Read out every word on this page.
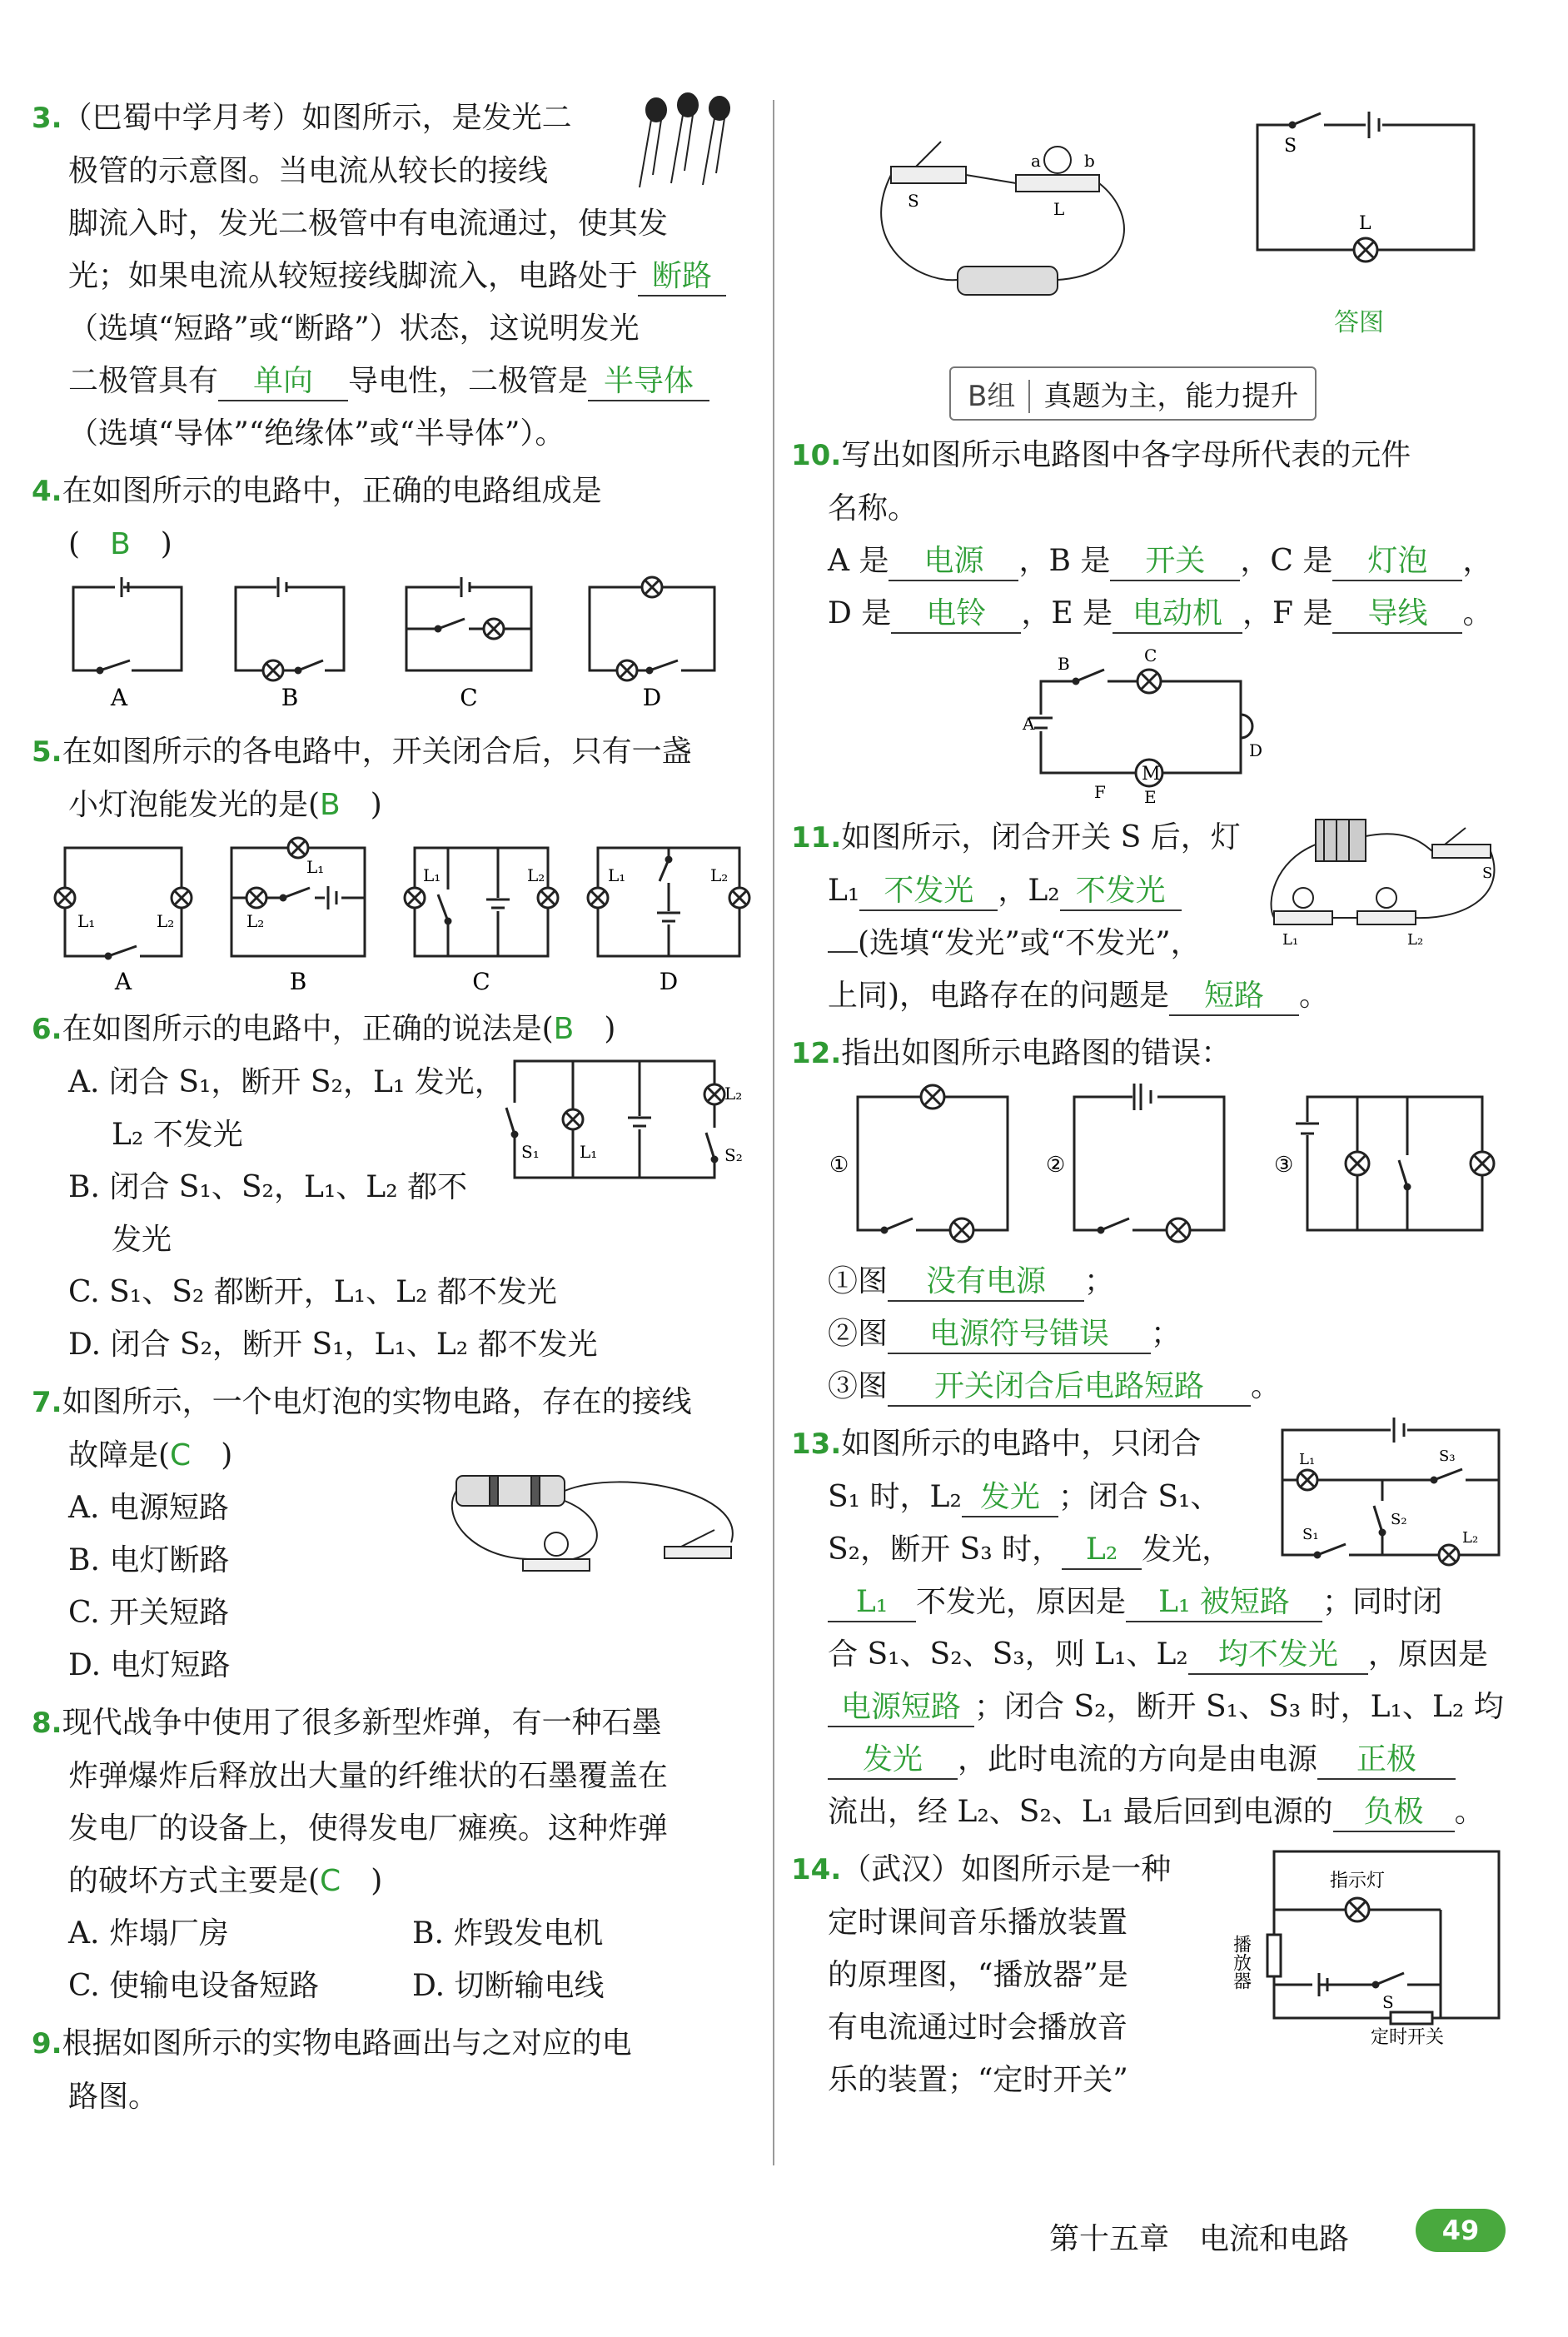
3.（巴蜀中学月考）如图所示，是发光二
极管的示意图。当电流从较长的接线
脚流入时，发光二极管中有电流通过，使其发
光；如果电流从较短接线脚流入，电路处于 断路
（选填“短路”或“断路”）状态，这说明发光
二极管具有 单向 导电性，二极管是 半导体
（选填“导体”“绝缘体”或“半导体”）。
4.在如图所示的电路中，正确的电路组成是
(　 B　 )
A	B	C	D
5.在如图所示的各电路中，开关闭合后，只有一盏
小灯泡能发光的是(B　 )
L₁	L₂
L₁
L₂
L₁	L₂	L₁	L₂
A	B	C	D
S₁ L₁
L₂
S₂
6.在如图所示的电路中，正确的说法是(B　 )
A. 闭合 S₁，断开 S₂，L₁ 发光，
L₂ 不发光
B. 闭合 S₁、S₂，L₁、L₂ 都不
发光
C. S₁、S₂ 都断开，L₁、L₂ 都不发光
D. 闭合 S₂，断开 S₁，L₁、L₂ 都不发光
7.如图所示，一个电灯泡的实物电路，存在的接线
故障是(C　 )
A. 电源短路
B. 电灯断路
C. 开关短路
D. 电灯短路
8.现代战争中使用了很多新型炸弹，有一种石墨
炸弹爆炸后释放出大量的纤维状的石墨覆盖在
发电厂的设备上，使得发电厂瘫痪。这种炸弹
的破坏方式主要是(C　 )
A. 炸塌厂房	B. 炸毁发电机
C. 使输电设备短路	D. 切断输电线
9.根据如图所示的实物电路画出与之对应的电
路图。
S
a	b
L
S
L
答图
B组 真题为主，能力提升
10.写出如图所示电路图中各字母所代表的元件
名称。
A 是 电源 ，B 是 开关 ，C 是 灯泡 ，
D 是 电铃 ，E 是 电动机 ，F 是 导线 。
B	C
A
D
F E
M
S
L₁	L₂
11.如图所示，闭合开关 S 后，灯
L₁ 不发光 ，L₂ 不发光
(选填“发光”或“不发光”，
上同)，电路存在的问题是 短路 。
12.指出如图所示电路图的错误：
①	②	③
①图 没有电源 ；
②图 电源符号错误 ；
③图 开关闭合后电路短路 。
L₁	S₃
S₁
S₂
L₂
13.如图所示的电路中，只闭合
S₁ 时，L₂ 发光 ；闭合 S₁、
S₂，断开 S₃ 时， L₂ 发光，
L₁ 不发光，原因是 L₁ 被短路 ；同时闭
合 S₁、S₂、S₃，则 L₁、L₂ 均不发光 ，原因是
电源短路 ；闭合 S₂，断开 S₁、S₃ 时，L₁、L₂ 均
发光 ，此时电流的方向是由电源 正极
流出，经 L₂、S₂、L₁ 最后回到电源的 负极 。
指示灯
播放器
S
定时开关
14.（武汉）如图所示是一种
定时课间音乐播放装置
的原理图，“播放器”是
有电流通过时会播放音
乐的装置；“定时开关”
第十五章　电流和电路	49
